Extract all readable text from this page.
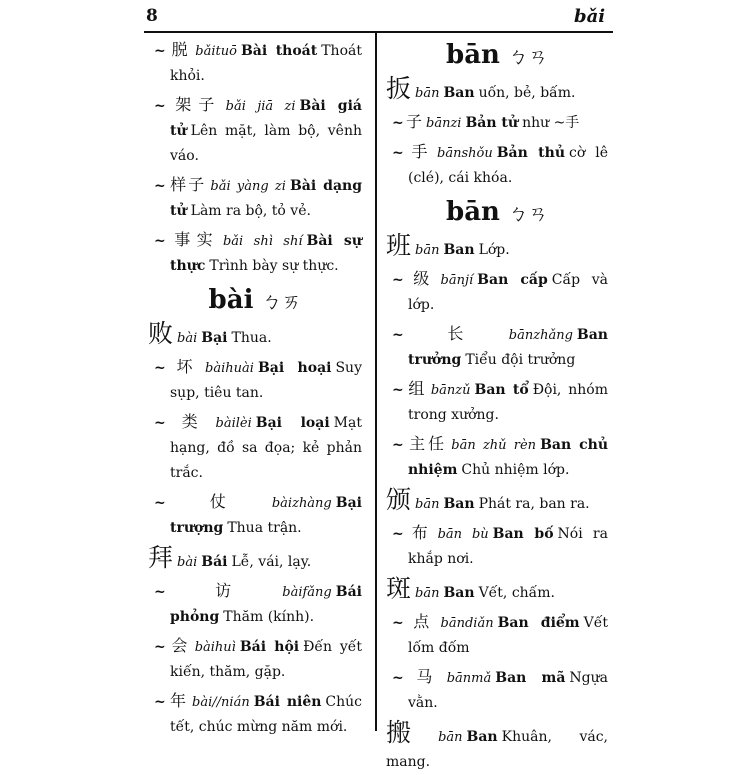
8	bǎi
~ 脱 bǎituō Bài thoát Thoát khỏi.
~ 架子 bǎi jiā zi Bài giá tử Lên mặt, làm bộ, vênh váo.
~ 样子 bǎi yàng zi Bài dạng tử Làm ra bộ, tỏ vẻ.
~ 事实 bǎi shì shí Bài sự thực Trình bày sự thực.
bài ㄅㄞ
败bài Bại Thua.
~ 坏 bàihuài Bại hoại Suy sụp, tiêu tan.
~ 类 bàilèi Bại loại Mạt hạng, đồ sa đọa; kẻ phản trắc.
~ 仗 bàizhàng Bại trượng Thua trận.
拜bài Bái Lễ, vái, lạy.
~ 访 bàifǎng Bái phỏng Thăm (kính).
~ 会 bàihuì Bái hội Đến yết kiến, thăm, gặp.
~ 年 bài//nián Bái niên Chúc tết, chúc mừng năm mới.
bān ㄅㄢ
扳bān Ban uốn, bẻ, bấm.
~ 子 bānzi Bản tử như ~手
~ 手 bānshǒu Bản thủ cờ lê (clé), cái khóa.
bān ㄅㄢ
班bān Ban Lớp.
~ 级 bānjí Ban cấp Cấp và lớp.
~ 长 bānzhǎng Ban trưởng Tiểu đội trưởng
~ 组 bānzǔ Ban tổ Đội, nhóm trong xưởng.
~ 主任 bān zhǔ rèn Ban chủ nhiệm Chủ nhiệm lớp.
颁bān Ban Phát ra, ban ra.
~ 布 bān bù Ban bố Nói ra khắp nơi.
斑bān Ban Vết, chấm.
~ 点 bāndiǎn Ban điểm Vết lốm đốm
~ 马 bānmǎ Ban mã Ngựa vằn.
搬bān Ban Khuân, vác, mang.
